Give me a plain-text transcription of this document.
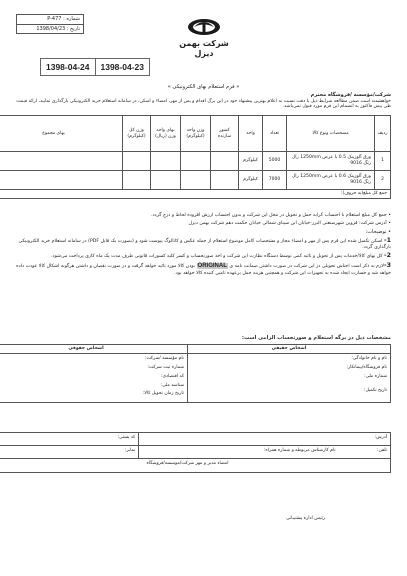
شماره : P-477
تاریخ : 1398/04/23
شرکت بهمن دیزل
1398-04-24	1398-04-23
« فرم استعلام بهای الکترونیکی »
شرکت/مؤسسه /فروشگاه محترم
خواهشمند است ضمن مطالعه شرایط ذیل با دقت نسبت به اعلام بهترین پیشنهاد خود در این برگ اقدام و پس از مهر، امضاء و اسکن، در سامانه استعلام خرید الکترونیکی بارگذاری نمایید، ارائه قیمت طی پیش فاکتور به انضمام این فرم مورد قبول نمی‌باشد.
ردیف	مشخصات ونوع کالا	تعداد	واحد	کشور سازنده	وزن واحد (کیلوگرم)	بهای واحد وزن (ریال)	وزن کل (کیلوگرم)	بهای مجموع
1	ورق آلوزینک 0.5 با عرض 1250mm رال رنگ 9016	5000	کیلوگرم					
2	ورق آلوزینک 0.6 با عرض 1250mm رال رنگ 9016	7000	کیلوگرم					
جمع کل مبلغ(به حروف):								

• جمع کل مبلغ استعلام با احتساب کرایه حمل و تحویل در محل این شرکت و بدون احتساب ارزش افزوده لحاظ و درج گردد.

• آدرس شرکت: قزوین شهرصنعتی البرز-خیابان ابن سینای شمالی خیابان حکمت دهم شرکت بهمن دیزل

• توضیحات:

1- اسکن تکمیل شده این فرم پس از مهر و امضاء مجاز و مشخصات کامل موضوع استعلام از جمله عکس و کاتالوگ پیوست شود و (بصورت یک فایل PDF) در سامانه استعلام خرید الکترونیکی بارگذاری گردد.

2- کل بهای کالا/خدمات پس از تحویل و تائید کمی توسط دستگاه نظارت این شرکت و اخذ صورتحساب و کسر کلیه کسورات قانونی ظرف مدت یک ماه کاری پرداخت می‌شود.

3-لازم به ذکر است اجناس تحویلی در این شرکت در صورت داشتن ضمانت نامه ی ORIGINAL بودن کالا مورد تائید خواهد گرفت و در صورت نقصان و داشتن هرگونه اشکال کالا عودت داده خواهد شد و خسارت ایجاد شده به تجهیزات این شرکت و همچنین هزینه حمل برعهده تامین کننده کالا خواهد بود.

مشخصات ذیل در برگه استعلام و صورتحساب الزامی است:
اشخاص حقیقی	اشخاص حقوقی

نام و نام خانوادگی:
نام فروشگاه/پیمانکار:
شماره ملی:
تاریخ تکمیل:	نام مؤسسه /شرکت:
شماره ثبت شرکت:
کد اقتصادی:
شناسه ملی:
تاریخ زمان تحویل کالا:
آدرس:	کد پستی:
تلفن: نام کارشناس مربوطه و شماره همراه:	نمابر:
امضاء مدیر و مهر شرکت/موسسه/فروشگاه	
رئیس اداره پشتیبانی
